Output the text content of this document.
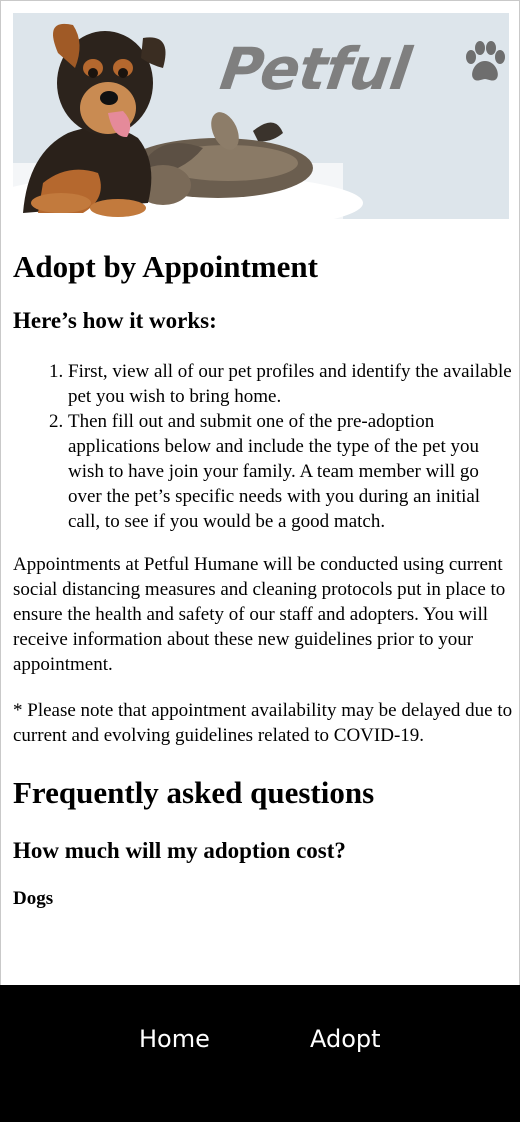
Petful
Adopt by Appointment
Here’s how it works:
1. First, view all of our pet profiles and identify the available pet you wish to bring home.
2. Then fill out and submit one of the pre-adoption applications below and include the type of the pet you wish to have join your family. A team member will go over the pet’s specific needs with you during an initial call, to see if you would be a good match.

Appointments at Petful Humane will be conducted using current social distancing measures and cleaning protocols put in place to ensure the health and safety of our staff and adopters. You will receive information about these new guidelines prior to your appointment.

* Please note that appointment availability may be delayed due to current and evolving guidelines related to COVID-19.

Frequently asked questions
How much will my adoption cost?
Dogs
Home	Adopt
